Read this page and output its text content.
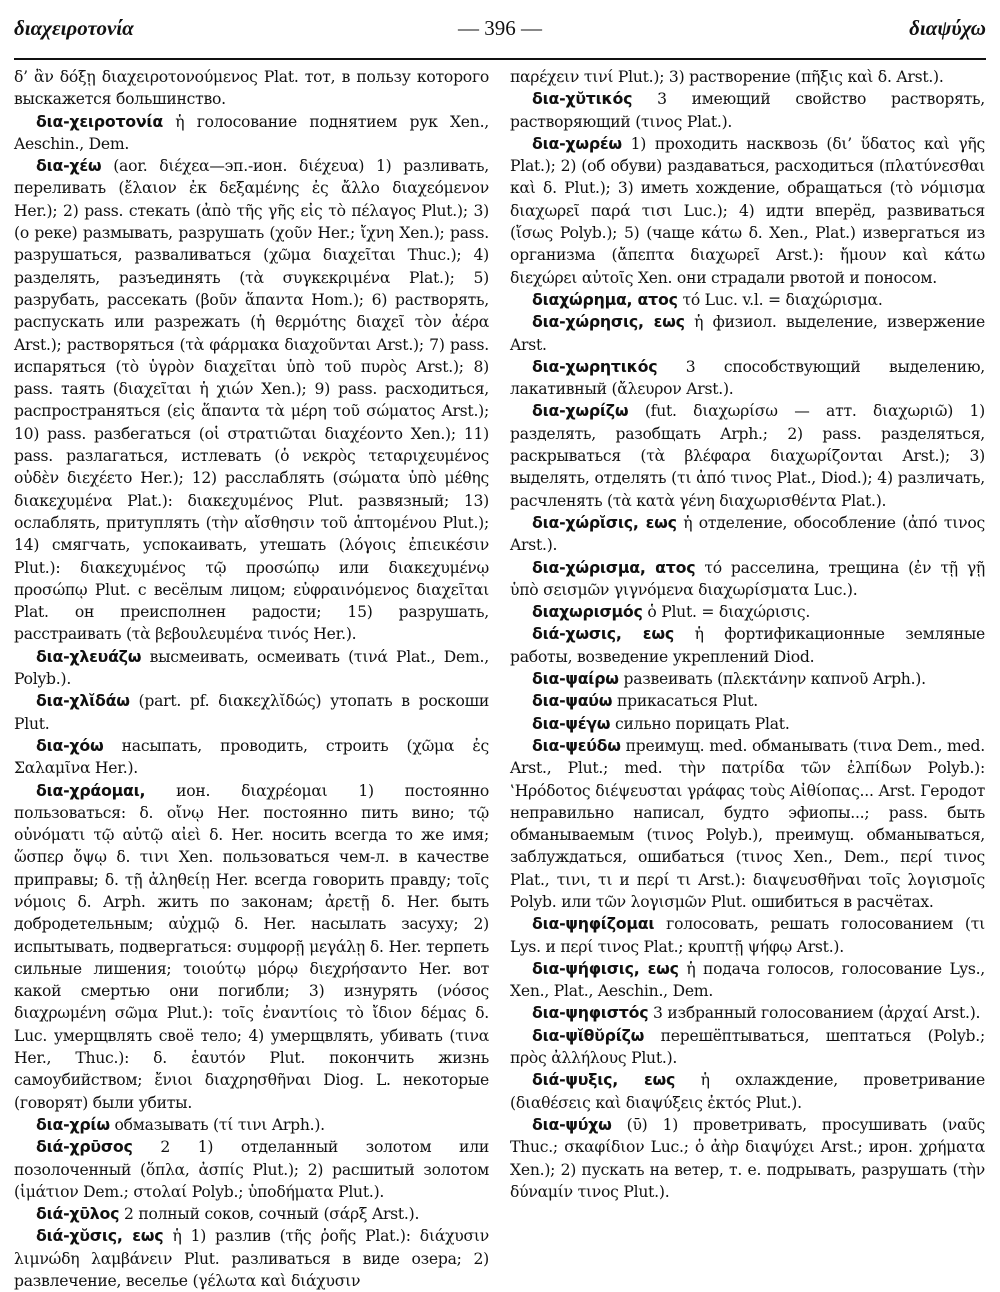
διαχειροτονία	— 396 —	διαψύχω

δ’ ἂν δόξῃ διαχειροτονούμενος Plat. тот, в пользу которого выскажется большинство.

δια-χειροτονία ἡ голосование поднятием рук Xen., Aeschin., Dem.

δια-χέω (aor. διέχεα—эп.-ион. διέχευα) 1) разливать, переливать (ἔλαιον ἐκ δεξαμένης ἐς ἄλλο διαχεόμενον Her.); 2) pass. стекать (ἀπὸ τῆς γῆς εἰς τὸ πέλαγος Plut.); 3) (о реке) размывать, разрушать (χοῦν Her.; ἴχνη Xen.); pass. разрушаться, разваливаться (χῶμα διαχεῖται Thuc.); 4) разделять, разъединять (τὰ συγκεκριμένα Plat.); 5) разрубать, рассекать (βοῦν ἅπαντα Hom.); 6) растворять, распускать или разрежать (ἡ θερμότης διαχεῖ τὸν ἀέρα Arst.); растворяться (τὰ φάρμακα διαχοῦνται Arst.); 7) pass. испаряться (τὸ ὑγρὸν διαχεῖται ὑπὸ τοῦ πυρὸς Arst.); 8) pass. таять (διαχεῖται ἡ χιών Xen.); 9) pass. расходиться, распространяться (εἰς ἅπαντα τὰ μέρη τοῦ σώματος Arst.); 10) pass. разбегаться (οἱ στρατιῶται διαχέοντο Xen.); 11) pass. разлагаться, истлевать (ὁ νεκρὸς τεταριχευμένος οὐδὲν διεχέετο Her.); 12) расслаблять (σώματα ὑπὸ μέθης διακεχυμένα Plat.): διακεχυμένος Plut. развязный; 13) ослаблять, притуплять (τὴν αἴσθησιν τοῦ ἁπτομένου Plut.); 14) смягчать, успокаивать, утешать (λόγοις ἐπιεικέσιν Plut.): διακεχυμένος τῷ προσώπῳ или διακεχυμένῳ προσώπῳ Plut. с весёлым лицом; εὐφραινόμενος διαχεῖται Plat. он преисполнен радости; 15) разрушать, расстраивать (τὰ βεβουλευμένα τινός Her.).

δια-χλευάζω высмеивать, осмеивать (τινά Plat., Dem., Polyb.).

δια-χλῐδάω (part. pf. διακεχλῐδώς) утопать в роскоши Plut.

δια-χόω насыпать, проводить, строить (χῶμα ἐς Σαλαμῖνα Her.).

δια-χράομαι, ион. διαχρέομαι 1) постоянно пользоваться: δ. οἴνῳ Her. постоянно пить вино; τῷ οὐνόματι τῷ αὐτῷ αἰεὶ δ. Her. носить всегда то же имя; ὥσπερ ὄψῳ δ. τινι Xen. пользоваться чем-л. в качестве приправы; δ. τῇ ἀληθείῃ Her. всегда говорить правду; τοῖς νόμοις δ. Arph. жить по законам; ἀρετῇ δ. Her. быть добродетельным; αὐχμῷ δ. Her. насылать засуху; 2) испытывать, подвергаться: συμφορῇ μεγάλῃ δ. Her. терпеть сильные лишения; τοιούτῳ μόρῳ διεχρήσαντο Her. вот какой смертью они погибли; 3) изнурять (νόσος διαχρωμένη σῶμα Plut.): τοῖς ἐναντίοις τὸ ἴδιον δέμας δ. Luc. умерщвлять своё тело; 4) умерщвлять, убивать (τινα Her., Thuc.): δ. ἑαυτόν Plut. покончить жизнь самоубийством; ἔνιοι διαχρησθῆναι Diog. L. некоторые (говорят) были убиты.

δια-χρίω обмазывать (τί τινι Arph.).

διά-χρῡσος 2 1) отделанный золотом или позолоченный (ὅπλα, ἀσπίς Plut.); 2) расшитый золотом (ἱμάτιον Dem.; στολαί Polyb.; ὑποδήματα Plut.).

διά-χῡλος 2 полный соков, сочный (σάρξ Arst.).

διά-χῠσις, εως ἡ 1) разлив (τῆς ῥοῆς Plat.): διάχυσιν λιμνώδη λαμβάνειν Plut. разливаться в виде озера; 2) развлечение, веселье (γέλωτα καὶ διάχυσιν

παρέχειν τινί Plut.); 3) растворение (πῆξις καὶ δ. Arst.).

δια-χῠτικός 3 имеющий свойство растворять, растворяющий (τινος Plat.).

δια-χωρέω 1) проходить насквозь (δι’ ὕδατος καὶ γῆς Plat.); 2) (об обуви) раздаваться, расходиться (πλατύνεσθαι καὶ δ. Plut.); 3) иметь хождение, обращаться (τὸ νόμισμα διαχωρεῖ παρά τισι Luc.); 4) идти вперёд, развиваться (ἴσως Polyb.); 5) (чаще κάτω δ. Xen., Plat.) извергаться из организма (ἄπεπτα διαχωρεῖ Arst.): ἤμουν καὶ κάτω διεχώρει αὐτοῖς Xen. они страдали рвотой и поносом.

διαχώρημα, ατος τό Luc. v.l. = διαχώρισμα.

δια-χώρησις, εως ἡ физиол. выделение, извержение Arst.

δια-χωρητικός 3 способствующий выделению, лакативный (ἄλευρον Arst.).

δια-χωρίζω (fut. διαχωρίσω — атт. διαχωριῶ) 1) разделять, разобщать Arph.; 2) pass. разделяться, раскрываться (τὰ βλέφαρα διαχωρίζονται Arst.); 3) выделять, отделять (τι ἀπό τινος Plat., Diod.); 4) различать, расчленять (τὰ κατὰ γένη διαχωρισθέντα Plat.).

δια-χώρῐσις, εως ἡ отделение, обособление (ἀπό τινος Arst.).

δια-χώρισμα, ατος τό расселина, трещина (ἐν τῇ γῇ ὑπὸ σεισμῶν γιγνόμενα διαχωρίσματα Luc.).

διαχωρισμός ὁ Plut. = διαχώρισις.

διά-χωσις, εως ἡ фортификационные земляные работы, возведение укреплений Diod.

δια-ψαίρω развеивать (πλεκτάνην καπνοῦ Arph.).

δια-ψαύω прикасаться Plut.

δια-ψέγω сильно порицать Plat.

δια-ψεύδω преимущ. med. обманывать (τινα Dem., med. Arst., Plut.; med. τὴν πατρίδα τῶν ἐλπίδων Polyb.): ‛Ηρόδοτος διέψευσται γράφας τοὺς Αἰθίοπας... Arst. Геродот неправильно написал, будто эфиопы...; pass. быть обманываемым (τινος Polyb.), преимущ. обманываться, заблуждаться, ошибаться (τινος Xen., Dem., περί τινος Plat., τινι, τι и περί τι Arst.): διαψευσθῆναι τοῖς λογισμοῖς Polyb. или τῶν λογισμῶν Plut. ошибиться в расчётах.

δια-ψηφίζομαι голосовать, решать голосованием (τι Lys. и περί τινος Plat.; κρυπτῇ ψήφῳ Arst.).

δια-ψήφισις, εως ἡ подача голосов, голосование Lys., Xen., Plat., Aeschin., Dem.

δια-ψηφιστός 3 избранный голосованием (ἀρχαί Arst.).

δια-ψῐθῠρίζω перешёптываться, шептаться (Polyb.; πρὸς ἀλλήλους Plut.).

διά-ψυξις, εως ἡ охлаждение, проветривание (διαθέσεις καὶ διαψύξεις ἐκτός Plut.).

δια-ψύχω (ῡ) 1) проветривать, просушивать (ναῦς Thuc.; σκαφίδιον Luc.; ὁ ἀὴρ διαψύχει Arst.; ирон. χρήματα Xen.); 2) пускать на ветер, т. е. подрывать, разрушать (τὴν δύναμίν τινος Plut.).
